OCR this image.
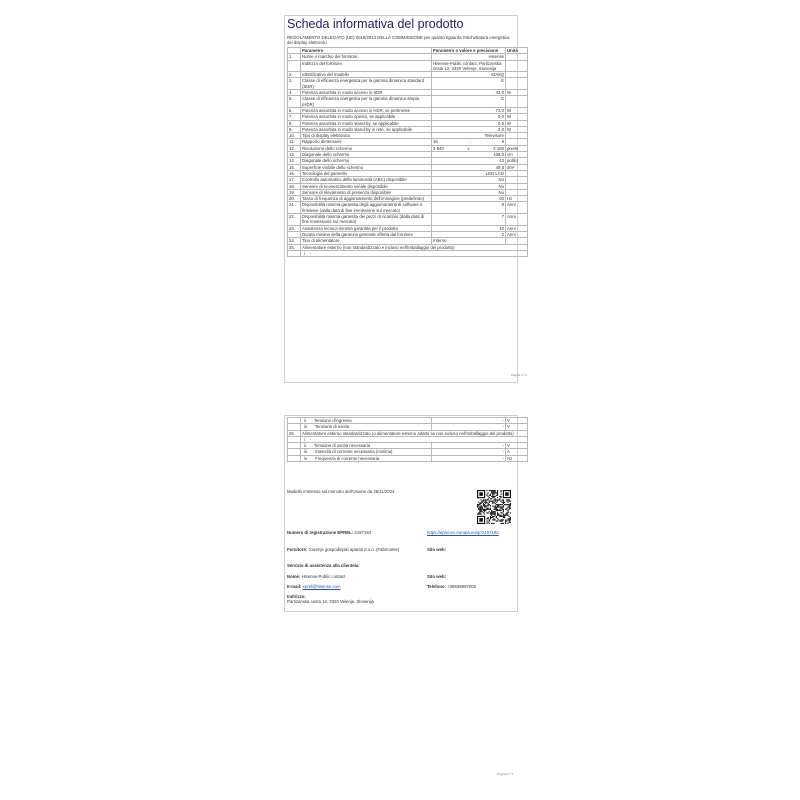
Scheda informativa del prodotto
REGOLAMENTO DELEGATO (UE) 2019/2013 DELLA COMMISSIONE per quanto riguarda l'etichettatura energetica dei display elettronici
	Parametro	Parametro o valore e precisione	Unità
1.	Nome o marchio del fornitore.	Hisense	
	Indirizzo del fornitore.	Hisense-Public contact, Partizanska cesta 12, 3320 Velenje, Slovenija	
2.	Identificativo del modello	43A6Q	
3.	Classe di efficienza energetica per la gamma dinamica standard (SDR)	E	
4.	Potenza assorbita in modo acceso in SDR	42,0	W
5.	Classe di efficienza energetica per la gamma dinamica ampia (HDR)	G	
6.	Potenza assorbita in modo acceso in HDR, se pertinente	73,0	W
7.	Potenza assorbita in modo spento, se applicabile	0,0	W
8.	Potenza assorbita in modo stand-by, se applicabile	0,5	W
9.	Potenza assorbita in modo stand-by in rete, se applicabile	2,0	W
10.	Tipo di display elettronico	Televisore	
11.	Rapporto dimensioni	16 : 9	

12.	Risoluzione dello schermo	3 840 x 2 160	pixels
13.	Diagonale dello schermo	108,0	cm
14.	Diagonale dello schermo	43	pollici
15.	Superficie visibile dello schermo	49,8	dm²
16.	Tecnologia del pannello	LED LCD	
17.	Controllo automatico della luminosità (ABC) disponibile	No	
18.	Sensore di riconoscimento vocale disponibile	No	
19.	Sensore di rilevamento di presenza disponibile	No	
20.	Tasso di frequenza di aggiornamento dell'immagine (predefinito)	60	Hz
21.	Disponibilità minima garantita degli aggiornamenti di software e firmware (dalla data di fine immissione sul mercato)	8	Anni
22.	Disponibilità minima garantita dei pezzi di ricambio (dalla data di fine immissione sul mercato)	7	Anni
23.	Assistenza tecnica minima garantita per il prodotto	10	Anni
	Durata minima della garanzia generale offerta dal fornitore	2	Anni
24.	Tipo di alimentatore	Interno	
25.	Alimentatore esterno (non standardizzato e incluso nell'imballaggio del prodotto)		
	i -		
Pagina 1 / 2
	ii Tensione d'ingresso	-	V
	iii Tensione di uscita	-	V
26.	Alimentatore esterno standardizzato (o alimentatore esterno adatto se non incluso nell'imballaggio del prodotto)		
	i -		
	ii Tensione di uscita necessaria	-	V
	iii Intensità di corrente necessaria (minima)	-	A
	iv Frequenza di corrente necessaria	-	Hz
Modello immesso sul mercato dell'Unione da 25/11/2024
Numero di registrazione EPREL: 2197184	https://eprel.ec.europa.eu/qr/2197184
Fornitore: Gorenje gospodinjski aparati d.o.o. (Fabricante)	Sito web:
Servizio di assistenza alla clientela:
Nome: Hisense-Public contact	Sito web:
E-mail: eprel@hisense.com	Telefono: +38638997000
Indirizzo:
Partizanska cesta 12, 3320 Velenje, Slovenija
Pagina 2 / 2
